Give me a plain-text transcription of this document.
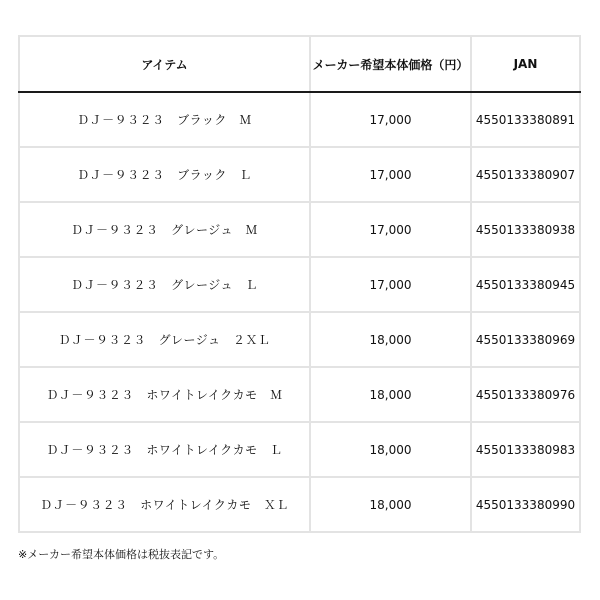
アイテム	メーカー希望本体価格（円）	JAN
ＤＪ－９３２３　ブラック　Ｍ	17,000	4550133380891
ＤＪ－９３２３　ブラック　Ｌ	17,000	4550133380907
ＤＪ－９３２３　グレージュ　Ｍ	17,000	4550133380938
ＤＪ－９３２３　グレージュ　Ｌ	17,000	4550133380945
ＤＪ－９３２３　グレージュ　２ＸＬ	18,000	4550133380969
ＤＪ－９３２３　ホワイトレイクカモ　Ｍ	18,000	4550133380976
ＤＪ－９３２３　ホワイトレイクカモ　Ｌ	18,000	4550133380983
ＤＪ－９３２３　ホワイトレイクカモ　ＸＬ	18,000	4550133380990
※メーカー希望本体価格は税抜表記です。
